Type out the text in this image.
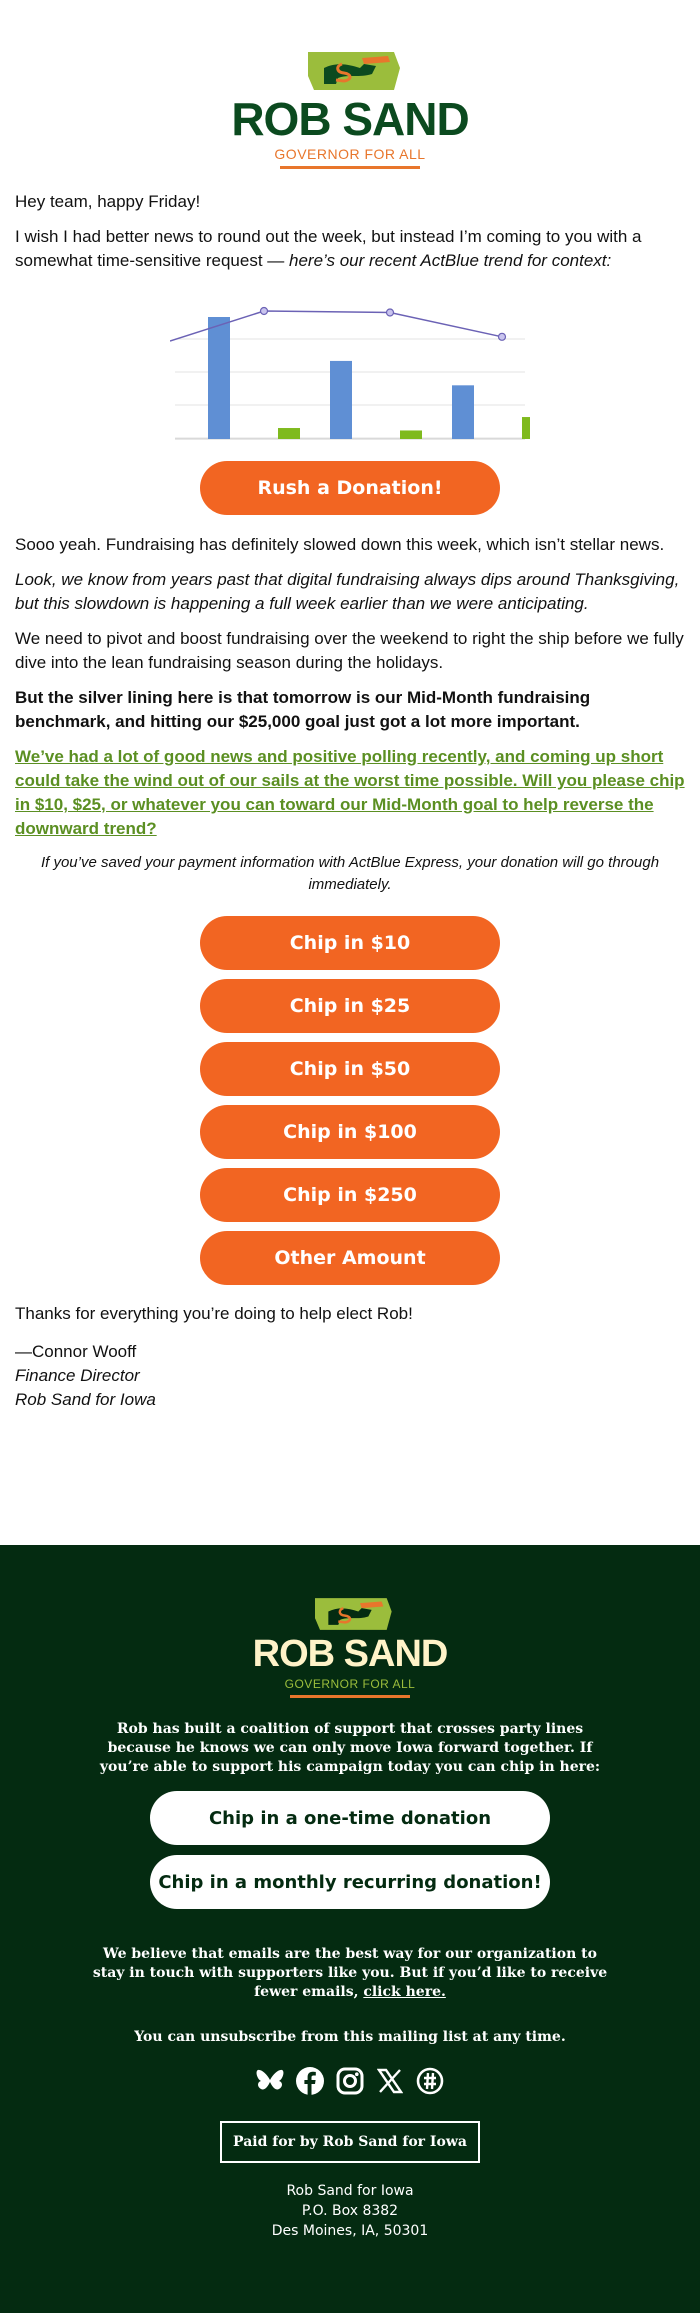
ROB SAND
GOVERNOR FOR ALL

Hey team, happy Friday!

I wish I had better news to round out the week, but instead I’m coming to you with a somewhat time-sensitive request — here’s our recent ActBlue trend for context:

Rush a Donation!

Sooo yeah. Fundraising has definitely slowed down this week, which isn’t stellar news.

Look, we know from years past that digital fundraising always dips around Thanksgiving, but this slowdown is happening a full week earlier than we were anticipating.

We need to pivot and boost fundraising over the weekend to right the ship before we fully dive into the lean fundraising season during the holidays.

But the silver lining here is that tomorrow is our Mid-Month fundraising benchmark, and hitting our $25,000 goal just got a lot more important.

We’ve had a lot of good news and positive polling recently, and coming up short could take the wind out of our sails at the worst time possible. Will you please chip in $10, $25, or whatever you can toward our Mid-Month goal to help reverse the downward trend?

If you’ve saved your payment information with ActBlue Express, your donation will go through immediately.

Chip in $10
Chip in $25
Chip in $50
Chip in $100
Chip in $250
Other Amount

Thanks for everything you’re doing to help elect Rob!

—Connor Wooff
Finance Director
Rob Sand for Iowa
ROB SAND
GOVERNOR FOR ALL
Rob has built a coalition of support that crosses party lines because he knows we can only move Iowa forward together. If you’re able to support his campaign today you can chip in here:
Chip in a one-time donation
Chip in a monthly recurring donation!
We believe that emails are the best way for our organization to stay in touch with supporters like you. But if you’d like to receive fewer emails, click here.
You can unsubscribe from this mailing list at any time.
Paid for by Rob Sand for Iowa
Rob Sand for Iowa
P.O. Box 8382
Des Moines, IA, 50301
